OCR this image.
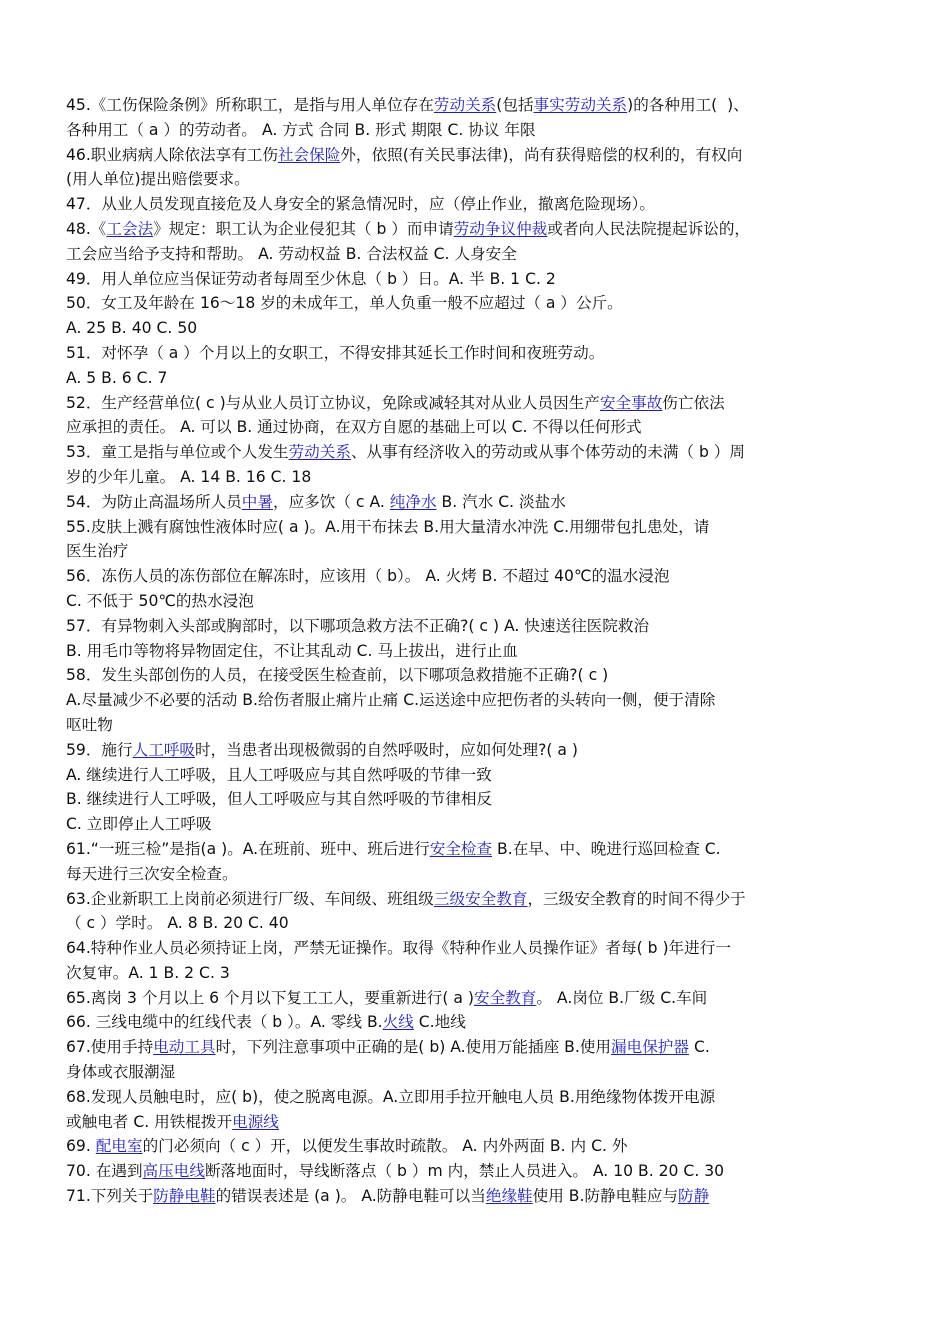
45.《工伤保险条例》所称职工，是指与用人单位存在劳动关系(包括事实劳动关系)的各种用工(  )、
各种用工（ a ）的劳动者。 A. 方式 合同 B. 形式 期限 C. 协议 年限
46.职业病病人除依法享有工伤社会保险外，依照(有关民事法律)，尚有获得赔偿的权利的，有权向
(用人单位)提出赔偿要求。
47．从业人员发现直接危及人身安全的紧急情况时，应（停止作业，撤离危险现场）。
48.《工会法》规定：职工认为企业侵犯其（ b ）而申请劳动争议仲裁或者向人民法院提起诉讼的，
工会应当给予支持和帮助。 A. 劳动权益 B. 合法权益 C. 人身安全
49．用人单位应当保证劳动者每周至少休息（ b ）日。A. 半 B. 1 C. 2
50．女工及年龄在 16～18 岁的未成年工，单人负重一般不应超过（ a ）公斤。
A. 25 B. 40 C. 50
51．对怀孕（ a ）个月以上的女职工，不得安排其延长工作时间和夜班劳动。
A. 5 B. 6 C. 7
52．生产经营单位( c )与从业人员订立协议，免除或减轻其对从业人员因生产安全事故伤亡依法
应承担的责任。 A. 可以 B. 通过协商，在双方自愿的基础上可以 C. 不得以任何形式
53．童工是指与单位或个人发生劳动关系、从事有经济收入的劳动或从事个体劳动的未满（ b ）周
岁的少年儿童。 A. 14 B. 16 C. 18
54．为防止高温场所人员中暑，应多饮（ c A. 纯净水 B. 汽水 C. 淡盐水
55.皮肤上溅有腐蚀性液体时应( a )。A.用干布抹去 B.用大量清水冲洗 C.用绷带包扎患处，请
医生治疗
56．冻伤人员的冻伤部位在解冻时，应该用（ b）。 A. 火烤 B. 不超过 40℃的温水浸泡
C. 不低于 50℃的热水浸泡
57．有异物刺入头部或胸部时，以下哪项急救方法不正确?( c ) A. 快速送往医院救治
B. 用毛巾等物将异物固定住，不让其乱动 C. 马上拔出，进行止血
58．发生头部创伤的人员，在接受医生检查前，以下哪项急救措施不正确?( c )
A.尽量减少不必要的活动 B.给伤者服止痛片止痛 C.运送途中应把伤者的头转向一侧，便于清除
呕吐物
59．施行人工呼吸时，当患者出现极微弱的自然呼吸时，应如何处理?( a )
A. 继续进行人工呼吸，且人工呼吸应与其自然呼吸的节律一致
B. 继续进行人工呼吸，但人工呼吸应与其自然呼吸的节律相反
C. 立即停止人工呼吸
61.“一班三检”是指(a )。A.在班前、班中、班后进行安全检查 B.在早、中、晚进行巡回检查 C.
每天进行三次安全检查。
63.企业新职工上岗前必须进行厂级、车间级、班组级三级安全教育，三级安全教育的时间不得少于
（ c ）学时。 A. 8 B. 20 C. 40
64.特种作业人员必须持证上岗，严禁无证操作。取得《特种作业人员操作证》者每( b )年进行一
次复审。A. 1 B. 2 C. 3
65.离岗 3 个月以上 6 个月以下复工工人，要重新进行( a )安全教育。 A.岗位 B.厂级 C.车间
66. 三线电缆中的红线代表（ b ）。A. 零线 B.火线 C.地线
67.使用手持电动工具时，下列注意事项中正确的是( b) A.使用万能插座 B.使用漏电保护器 C.
身体或衣服潮湿
68.发现人员触电时，应( b)，使之脱离电源。A.立即用手拉开触电人员 B.用绝缘物体拨开电源
或触电者 C. 用铁棍拨开电源线
69. 配电室的门必须向（ c ）开，以便发生事故时疏散。 A. 内外两面 B. 内 C. 外
70. 在遇到高压电线断落地面时，导线断落点（ b ）m 内，禁止人员进入。 A. 10 B. 20 C. 30
71.下列关于防静电鞋的错误表述是 (a )。 A.防静电鞋可以当绝缘鞋使用 B.防静电鞋应与防静
